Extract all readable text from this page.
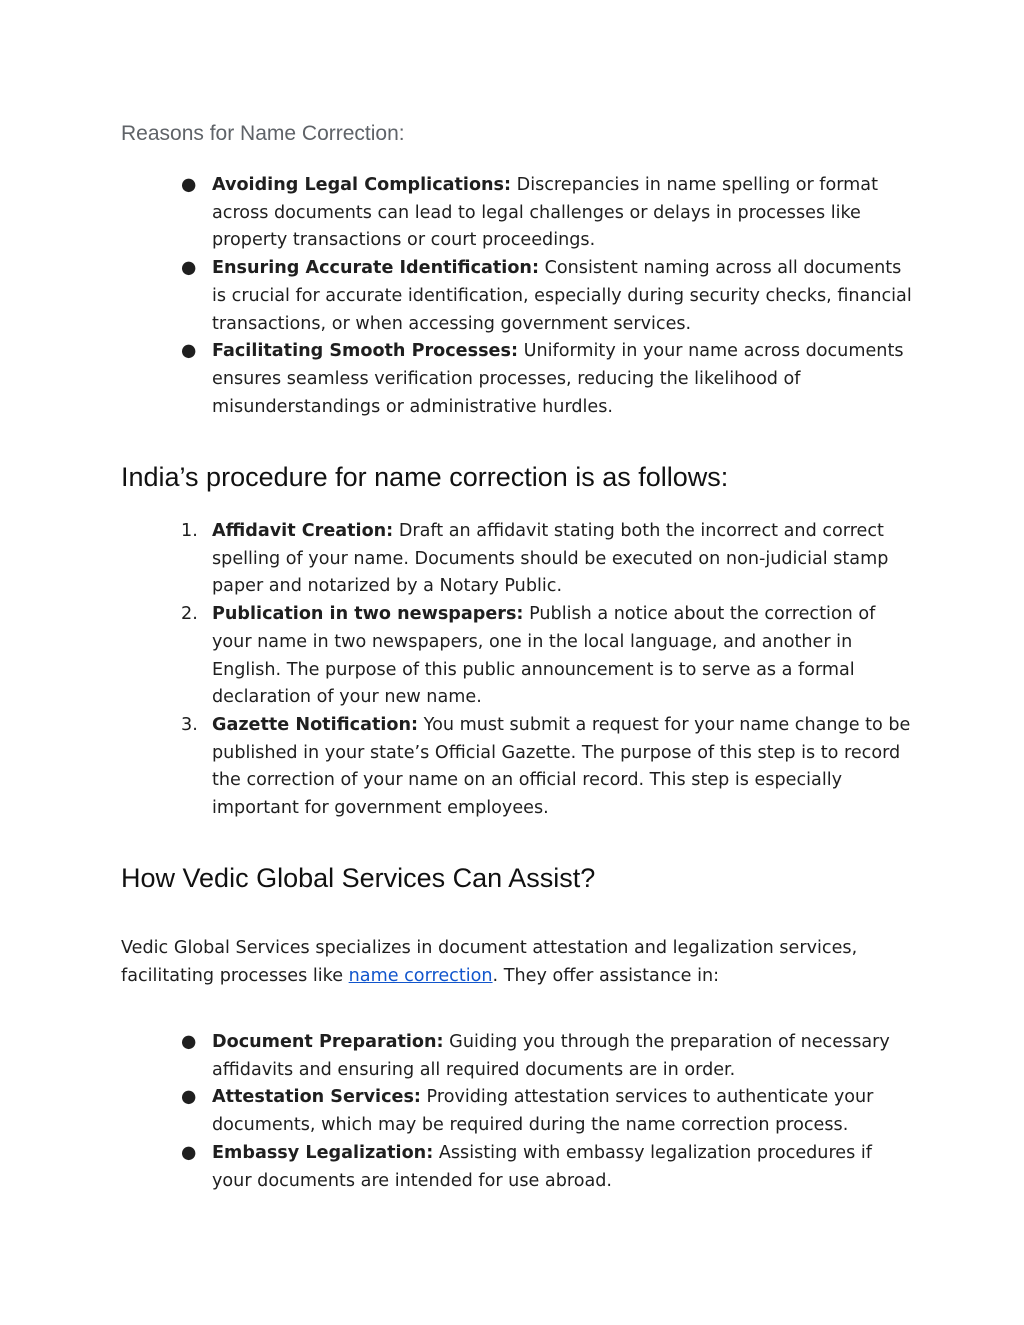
Reasons for Name Correction:
● Avoiding Legal Complications: Discrepancies in name spelling or format across documents can lead to legal challenges or delays in processes like property transactions or court proceedings.
● Ensuring Accurate Identification: Consistent naming across all documents is crucial for accurate identification, especially during security checks, financial transactions, or when accessing government services.
● Facilitating Smooth Processes: Uniformity in your name across documents ensures seamless verification processes, reducing the likelihood of misunderstandings or administrative hurdles.
India’s procedure for name correction is as follows:
1. Affidavit Creation: Draft an affidavit stating both the incorrect and correct spelling of your name. Documents should be executed on non-judicial stamp paper and notarized by a Notary Public.
2. Publication in two newspapers: Publish a notice about the correction of your name in two newspapers, one in the local language, and another in English. The purpose of this public announcement is to serve as a formal declaration of your new name.
3. Gazette Notification: You must submit a request for your name change to be published in your state’s Official Gazette. The purpose of this step is to record the correction of your name on an official record. This step is especially important for government employees.
How Vedic Global Services Can Assist?

Vedic Global Services specializes in document attestation and legalization services, facilitating processes like name correction. They offer assistance in:

● Document Preparation: Guiding you through the preparation of necessary affidavits and ensuring all required documents are in order.
● Attestation Services: Providing attestation services to authenticate your documents, which may be required during the name correction process.
● Embassy Legalization: Assisting with embassy legalization procedures if your documents are intended for use abroad.
